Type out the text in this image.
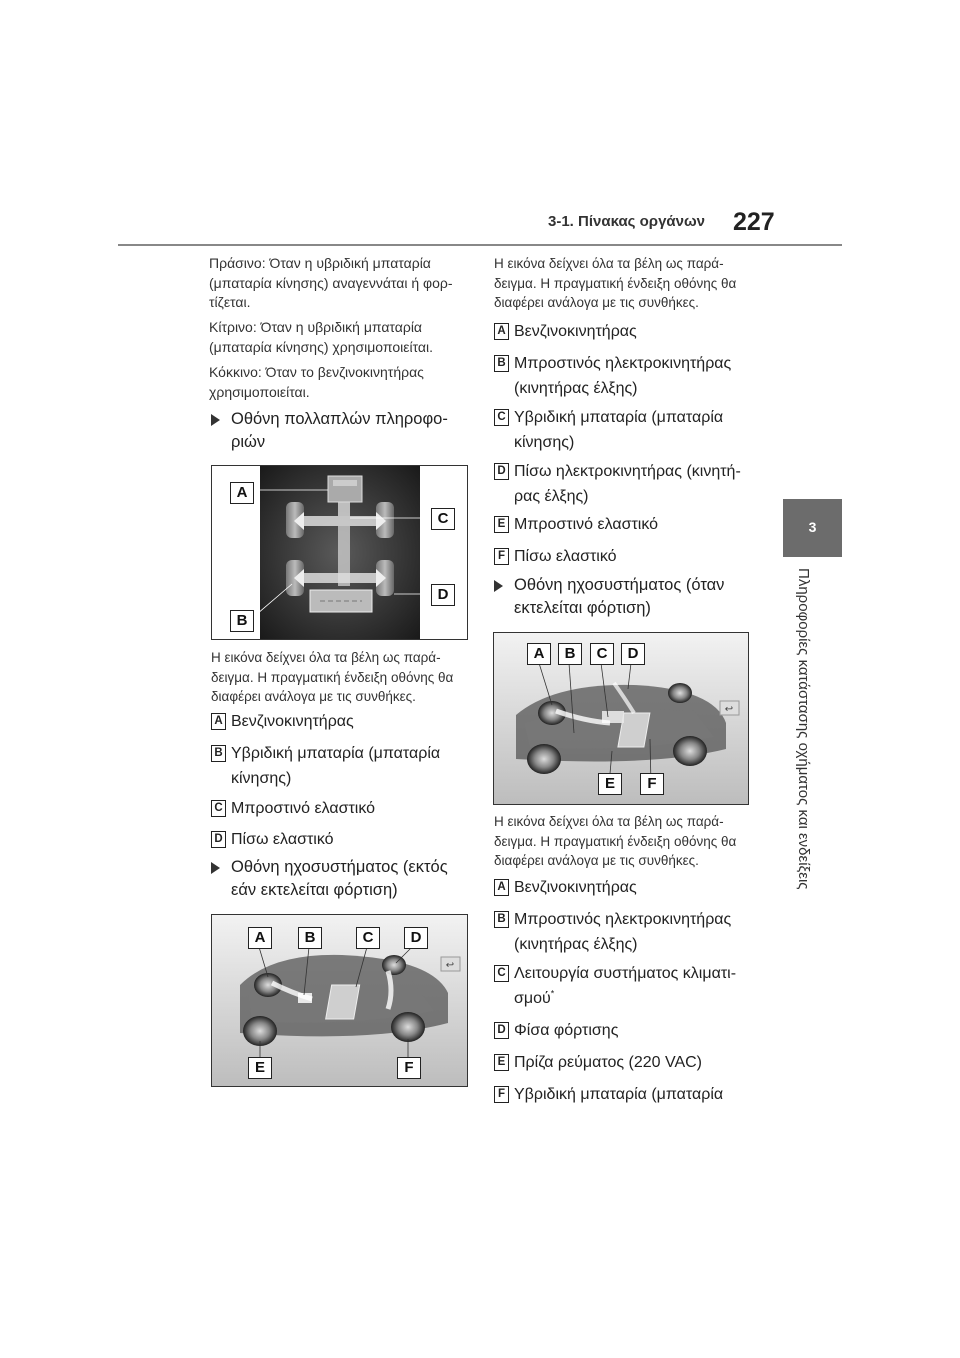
3-1. Πίνακας οργάνων 227
3
Πληροφορίες κατάστασης οχήματος και ενδείξεις

Πράσινο: Όταν η υβριδική μπαταρία (μπαταρία κίνησης) αναγεννάται ή φορ-τίζεται.

Κίτρινο: Όταν η υβριδική μπαταρία (μπαταρία κίνησης) χρησιμοποιείται.

Κόκκινο: Όταν το βενζινοκινητήρας χρησιμοποιείται.

Οθόνη πολλαπλών πληροφο-ριών
A
B
C
D
Η εικόνα δείχνει όλα τα βέλη ως παρά-δειγμα. Η πραγματική ένδειξη οθόνης θα διαφέρει ανάλογα με τις συνθήκες.
A Βενζινοκινητήρας
B Υβριδική μπαταρία (μπαταρία κίνησης)
C Μπροστινό ελαστικό
D Πίσω ελαστικό
Οθόνη ηχοσυστήματος (εκτός εάν εκτελείται φόρτιση)
↩
A	B	C	D
E	F
Η εικόνα δείχνει όλα τα βέλη ως παρά-δειγμα. Η πραγματική ένδειξη οθόνης θα διαφέρει ανάλογα με τις συνθήκες.
A Βενζινοκινητήρας
B Μπροστινός ηλεκτροκινητήρας (κινητήρας έλξης)
C Υβριδική μπαταρία (μπαταρία κίνησης)
D Πίσω ηλεκτροκινητήρας (κινητή-ρας έλξης)
E Μπροστινό ελαστικό
F Πίσω ελαστικό
Οθόνη ηχοσυστήματος (όταν εκτελείται φόρτιση)
↩
A	B	C	D
E	F
Η εικόνα δείχνει όλα τα βέλη ως παρά-δειγμα. Η πραγματική ένδειξη οθόνης θα διαφέρει ανάλογα με τις συνθήκες.
A Βενζινοκινητήρας
B Μπροστινός ηλεκτροκινητήρας (κινητήρας έλξης)
C Λειτουργία συστήματος κλιματι-σμού*
D Φίσα φόρτισης
E Πρίζα ρεύματος (220 VAC)
F Υβριδική μπαταρία (μπαταρία
